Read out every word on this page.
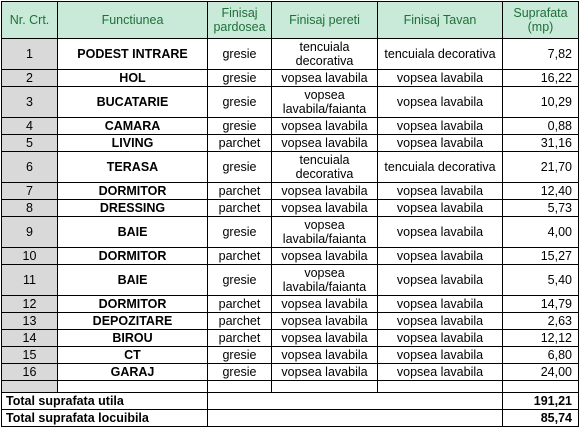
Nr. Crt.	Functiunea	Finisaj pardosea	Finisaj pereti	Finisaj Tavan	Suprafata (mp)
1	PODEST INTRARE	gresie	tencuiala decorativa	tencuiala decorativa	7,82
2	HOL	gresie	vopsea lavabila	vopsea lavabila	16,22
3	BUCATARIE	gresie	vopsea lavabila/faianta	vopsea lavabila	10,29
4	CAMARA	gresie	vopsea lavabila	vopsea lavabila	0,88
5	LIVING	parchet	vopsea lavabila	vopsea lavabila	31,16
6	TERASA	gresie	tencuiala decorativa	tencuiala decorativa	21,70
7	DORMITOR	parchet	vopsea lavabila	vopsea lavabila	12,40
8	DRESSING	parchet	vopsea lavabila	vopsea lavabila	5,73
9	BAIE	gresie	vopsea lavabila/faianta	vopsea lavabila	4,00
10	DORMITOR	parchet	vopsea lavabila	vopsea lavabila	15,27
11	BAIE	gresie	vopsea lavabila/faianta	vopsea lavabila	5,40
12	DORMITOR	parchet	vopsea lavabila	vopsea lavabila	14,79
13	DEPOZITARE	parchet	vopsea lavabila	vopsea lavabila	2,63
14	BIROU	parchet	vopsea lavabila	vopsea lavabila	12,12
15	CT	gresie	vopsea lavabila	vopsea lavabila	6,80
16	GARAJ	gresie	vopsea lavabila	vopsea lavabila	24,00

Total suprafata utila					191,21
Total suprafata locuibila					85,74
